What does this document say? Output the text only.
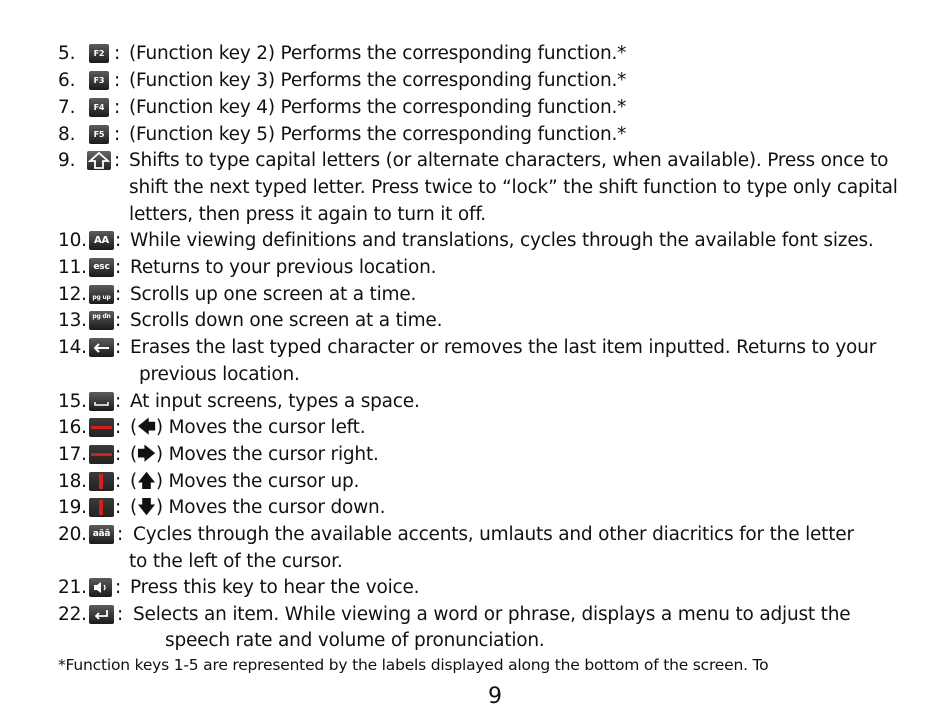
5.	F2 : (Function key 2) Performs the corresponding function.*
6.	F3 : (Function key 3) Performs the corresponding function.*
7.	F4 : (Function key 4) Performs the corresponding function.*
8.	F5 : (Function key 5) Performs the corresponding function.*
9.	: Shifts to type capital letters (or alternate characters, when available). Press once to
shift the next typed letter. Press twice to “lock” the shift function to type only capital
letters, then press it again to turn it off.
10. AA : While viewing definitions and translations, cycles through the available font sizes.
11. esc : Returns to your previous location.
12. pg up : Scrolls up one screen at a time.
13. pg dn : Scrolls down one screen at a time.
14. : Erases the last typed character or removes the last item inputted. Returns to your
previous location.
15. : At input screens, types a space.
16. : (🡄) Moves the cursor left.
17. : (🡆) Moves the cursor right.
18. : (🡅) Moves the cursor up.
19. : (🡇) Moves the cursor down.
20. aäâ : Cycles through the available accents, umlauts and other diacritics for the letter
to the left of the cursor.
21. : Press this key to hear the voice.
22. : Selects an item. While viewing a word or phrase, displays a menu to adjust the
speech rate and volume of pronunciation.
*Function keys 1-5 are represented by the labels displayed along the bottom of the screen. To
9
